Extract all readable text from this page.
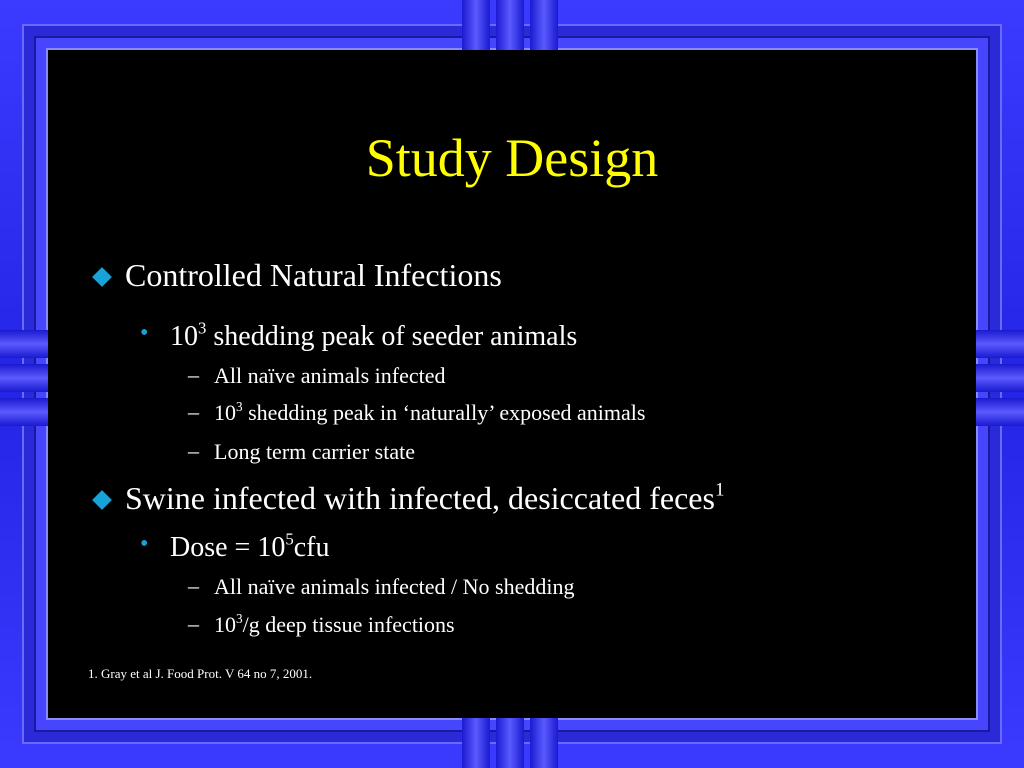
Study Design
Controlled Natural Infections
• $10^3$ shedding peak of seeder animals
– All naïve animals infected
– $10^3$ shedding peak in ‘naturally’ exposed animals
– Long term carrier state
Swine infected with infected, desiccated feces$^1$
• Dose = $10^5cfu$
– All naïve animals infected / No shedding
– $10^3/g$ deep tissue infections
1. Gray et al J. Food Prot. V 64 no 7, 2001.
